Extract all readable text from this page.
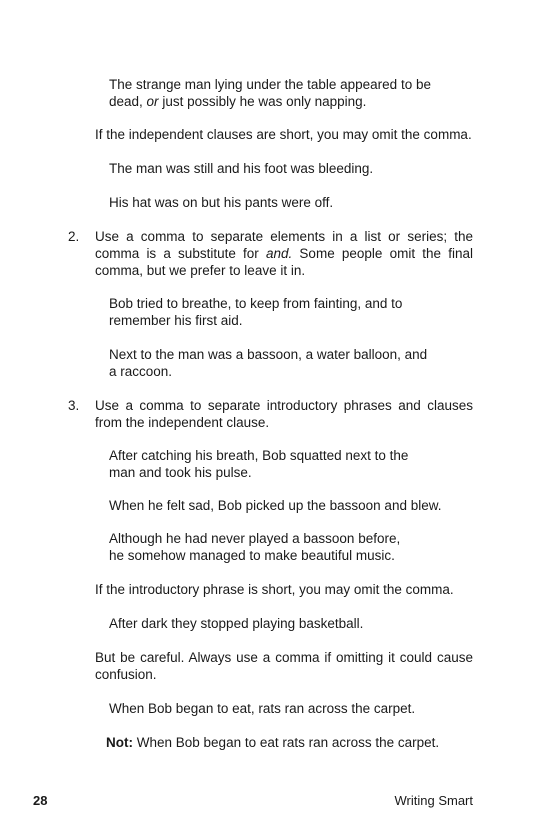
The strange man lying under the table appeared to be
dead, or just possibly he was only napping.
If the independent clauses are short, you may omit the comma.
The man was still and his foot was bleeding.
His hat was on but his pants were off.
2. Use a comma to separate elements in a list or series; the
comma is a substitute for and. Some people omit the final
comma, but we prefer to leave it in.
Bob tried to breathe, to keep from fainting, and to
remember his first aid.
Next to the man was a bassoon, a water balloon, and
a raccoon.
3. Use a comma to separate introductory phrases and clauses
from the independent clause.
After catching his breath, Bob squatted next to the
man and took his pulse.
When he felt sad, Bob picked up the bassoon and blew.
Although he had never played a bassoon before,
he somehow managed to make beautiful music.
If the introductory phrase is short, you may omit the comma.
After dark they stopped playing basketball.
But be careful. Always use a comma if omitting it could cause
confusion.
When Bob began to eat, rats ran across the carpet.
Not: When Bob began to eat rats ran across the carpet.
28	Writing Smart
